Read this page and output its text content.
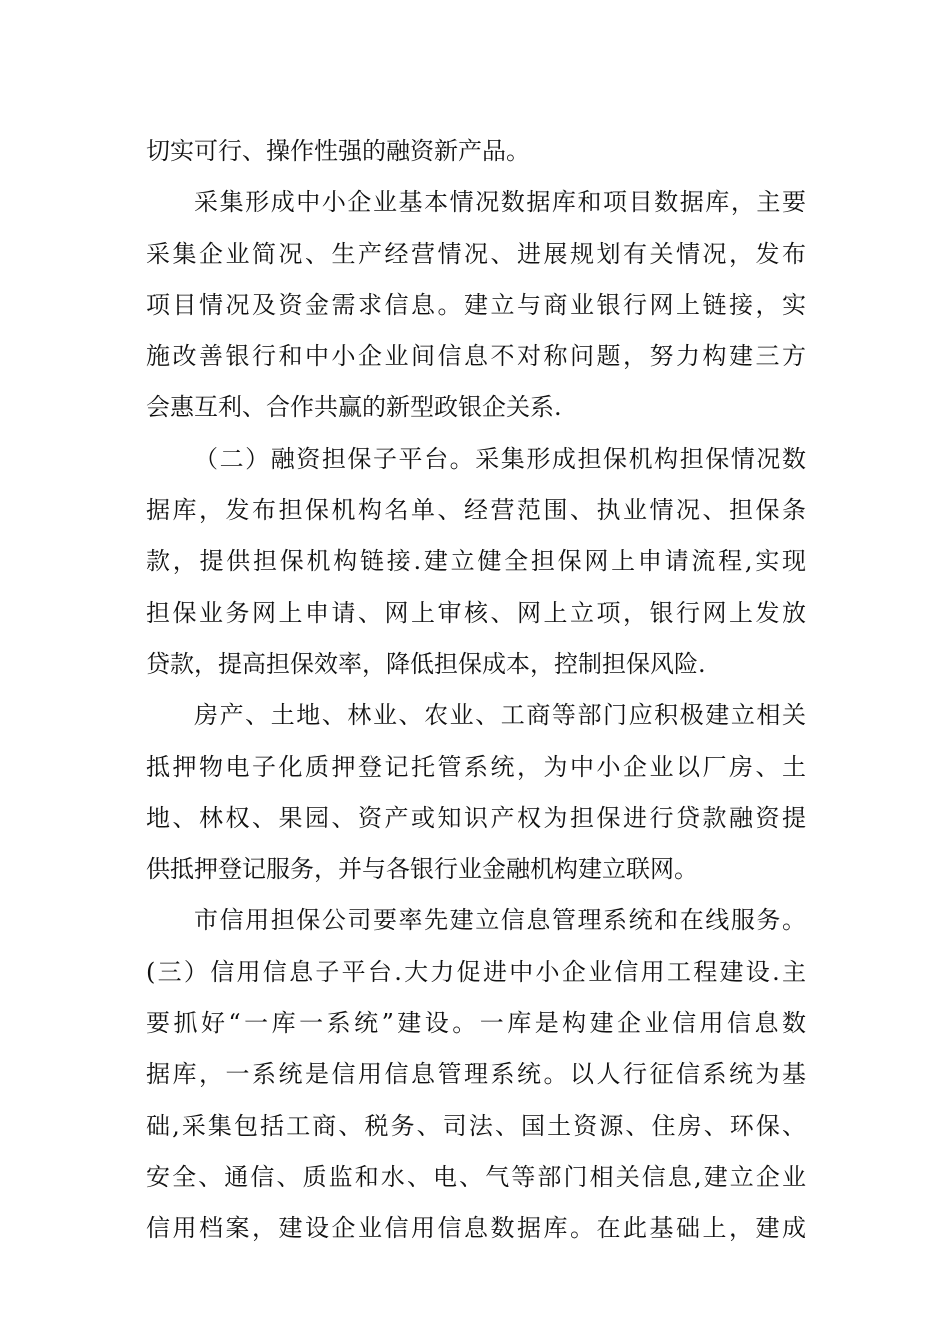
切实可行、操作性强的融资新产品。
采集形成中小企业基本情况数据库和项目数据库，主要
采集企业简况、生产经营情况、进展规划有关情况，发布
项目情况及资金需求信息。建立与商业银行网上链接，实
施改善银行和中小企业间信息不对称问题，努力构建三方
会惠互利、合作共赢的新型政银企关系.
（二）融资担保子平台。采集形成担保机构担保情况数
据库，发布担保机构名单、经营范围、执业情况、担保条
款，提供担保机构链接.建立健全担保网上申请流程,实现
担保业务网上申请、网上审核、网上立项，银行网上发放
贷款，提高担保效率，降低担保成本，控制担保风险.
房产、土地、林业、农业、工商等部门应积极建立相关
抵押物电子化质押登记托管系统，为中小企业以厂房、土
地、林权、果园、资产或知识产权为担保进行贷款融资提
供抵押登记服务，并与各银行业金融机构建立联网。
市信用担保公司要率先建立信息管理系统和在线服务。
(三）信用信息子平台.大力促进中小企业信用工程建设.主
要抓好“一库一系统”建设。一库是构建企业信用信息数
据库，一系统是信用信息管理系统。以人行征信系统为基
础,采集包括工商、税务、司法、国土资源、住房、环保、
安全、通信、质监和水、电、气等部门相关信息,建立企业
信用档案，建设企业信用信息数据库。在此基础上，建成
